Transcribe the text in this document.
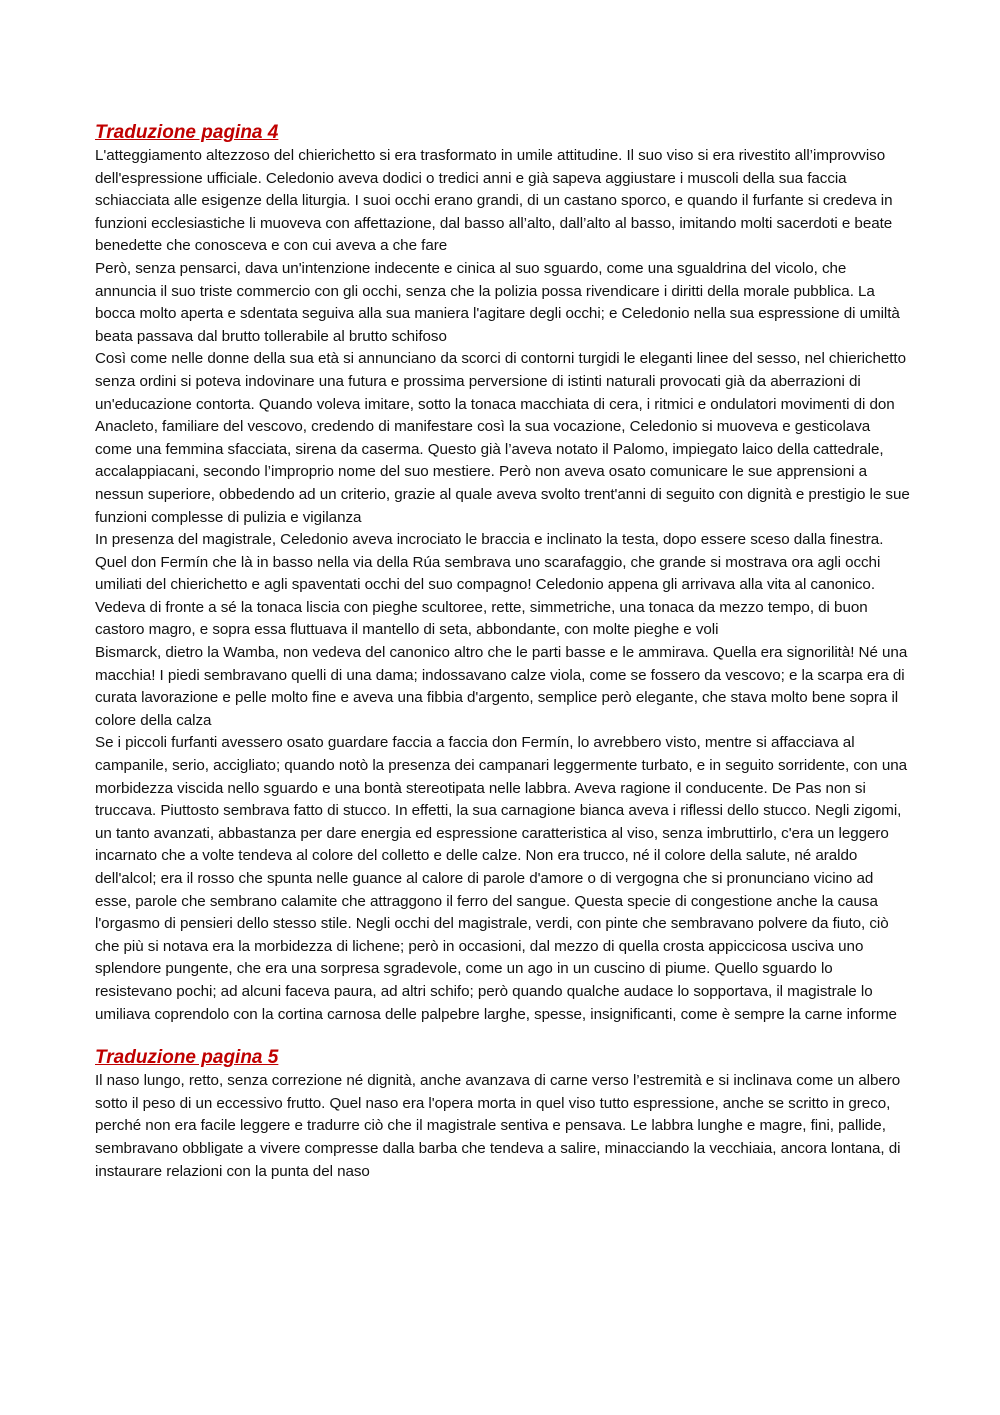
Traduzione pagina 4

L'atteggiamento altezzoso del chierichetto si era trasformato in umile attitudine. Il suo viso si era rivestito all’improvviso dell'espressione ufficiale. Celedonio aveva dodici o tredici anni e già sapeva aggiustare i muscoli della sua faccia schiacciata alle esigenze della liturgia. I suoi occhi erano grandi, di un castano sporco, e quando il furfante si credeva in funzioni ecclesiastiche li muoveva con affettazione, dal basso all’alto, dall’alto al basso, imitando molti sacerdoti e beate benedette che conosceva e con cui aveva a che fare

Però, senza pensarci, dava un'intenzione indecente e cinica al suo sguardo, come una sgualdrina del vicolo, che annuncia il suo triste commercio con gli occhi, senza che la polizia possa rivendicare i diritti della morale pubblica. La bocca molto aperta e sdentata seguiva alla sua maniera l'agitare degli occhi; e Celedonio nella sua espressione di umiltà beata passava dal brutto tollerabile al brutto schifoso

Così come nelle donne della sua età si annunciano da scorci di contorni turgidi le eleganti linee del sesso, nel chierichetto senza ordini si poteva indovinare una futura e prossima perversione di istinti naturali provocati già da aberrazioni di un'educazione contorta. Quando voleva imitare, sotto la tonaca macchiata di cera, i ritmici e ondulatori movimenti di don Anacleto, familiare del vescovo, credendo di manifestare così la sua vocazione, Celedonio si muoveva e gesticolava come una femmina sfacciata, sirena da caserma. Questo già l’aveva notato il Palomo, impiegato laico della cattedrale, accalappiacani, secondo l’improprio nome del suo mestiere. Però non aveva osato comunicare le sue apprensioni a nessun superiore, obbedendo ad un criterio, grazie al quale aveva svolto trent'anni di seguito con dignità e prestigio le sue funzioni complesse di pulizia e vigilanza

In presenza del magistrale, Celedonio aveva incrociato le braccia e inclinato la testa, dopo essere sceso dalla finestra. Quel don Fermín che là in basso nella via della Rúa sembrava uno scarafaggio, che grande si mostrava ora agli occhi umiliati del chierichetto e agli spaventati occhi del suo compagno! Celedonio appena gli arrivava alla vita al canonico. Vedeva di fronte a sé la tonaca liscia con pieghe scultoree, rette, simmetriche, una tonaca da mezzo tempo, di buon castoro magro, e sopra essa fluttuava il mantello di seta, abbondante, con molte pieghe e voli

Bismarck, dietro la Wamba, non vedeva del canonico altro che le parti basse e le ammirava. Quella era signorilità! Né una macchia! I piedi sembravano quelli di una dama; indossavano calze viola, come se fossero da vescovo; e la scarpa era di curata lavorazione e pelle molto fine e aveva una fibbia d'argento, semplice però elegante, che stava molto bene sopra il colore della calza

Se i piccoli furfanti avessero osato guardare faccia a faccia don Fermín, lo avrebbero visto, mentre si affacciava al campanile, serio, accigliato; quando notò la presenza dei campanari leggermente turbato, e in seguito sorridente, con una morbidezza viscida nello sguardo e una bontà stereotipata nelle labbra. Aveva ragione il conducente. De Pas non si truccava. Piuttosto sembrava fatto di stucco. In effetti, la sua carnagione bianca aveva i riflessi dello stucco. Negli zigomi, un tanto avanzati, abbastanza per dare energia ed espressione caratteristica al viso, senza imbruttirlo, c'era un leggero incarnato che a volte tendeva al colore del colletto e delle calze. Non era trucco, né il colore della salute, né araldo dell'alcol; era il rosso che spunta nelle guance al calore di parole d'amore o di vergogna che si pronunciano vicino ad esse, parole che sembrano calamite che attraggono il ferro del sangue. Questa specie di congestione anche la causa l'orgasmo di pensieri dello stesso stile. Negli occhi del magistrale, verdi, con pinte che sembravano polvere da fiuto, ciò che più si notava era la morbidezza di lichene; però in occasioni, dal mezzo di quella crosta appiccicosa usciva uno splendore pungente, che era una sorpresa sgradevole, come un ago in un cuscino di piume. Quello sguardo lo resistevano pochi; ad alcuni faceva paura, ad altri schifo; però quando qualche audace lo sopportava, il magistrale lo umiliava coprendolo con la cortina carnosa delle palpebre larghe, spesse, insignificanti, come è sempre la carne informe

Traduzione pagina 5

Il naso lungo, retto, senza correzione né dignità, anche avanzava di carne verso l’estremità e si inclinava come un albero sotto il peso di un eccessivo frutto. Quel naso era l'opera morta in quel viso tutto espressione, anche se scritto in greco, perché non era facile leggere e tradurre ciò che il magistrale sentiva e pensava. Le labbra lunghe e magre, fini, pallide, sembravano obbligate a vivere compresse dalla barba che tendeva a salire, minacciando la vecchiaia, ancora lontana, di instaurare relazioni con la punta del naso
